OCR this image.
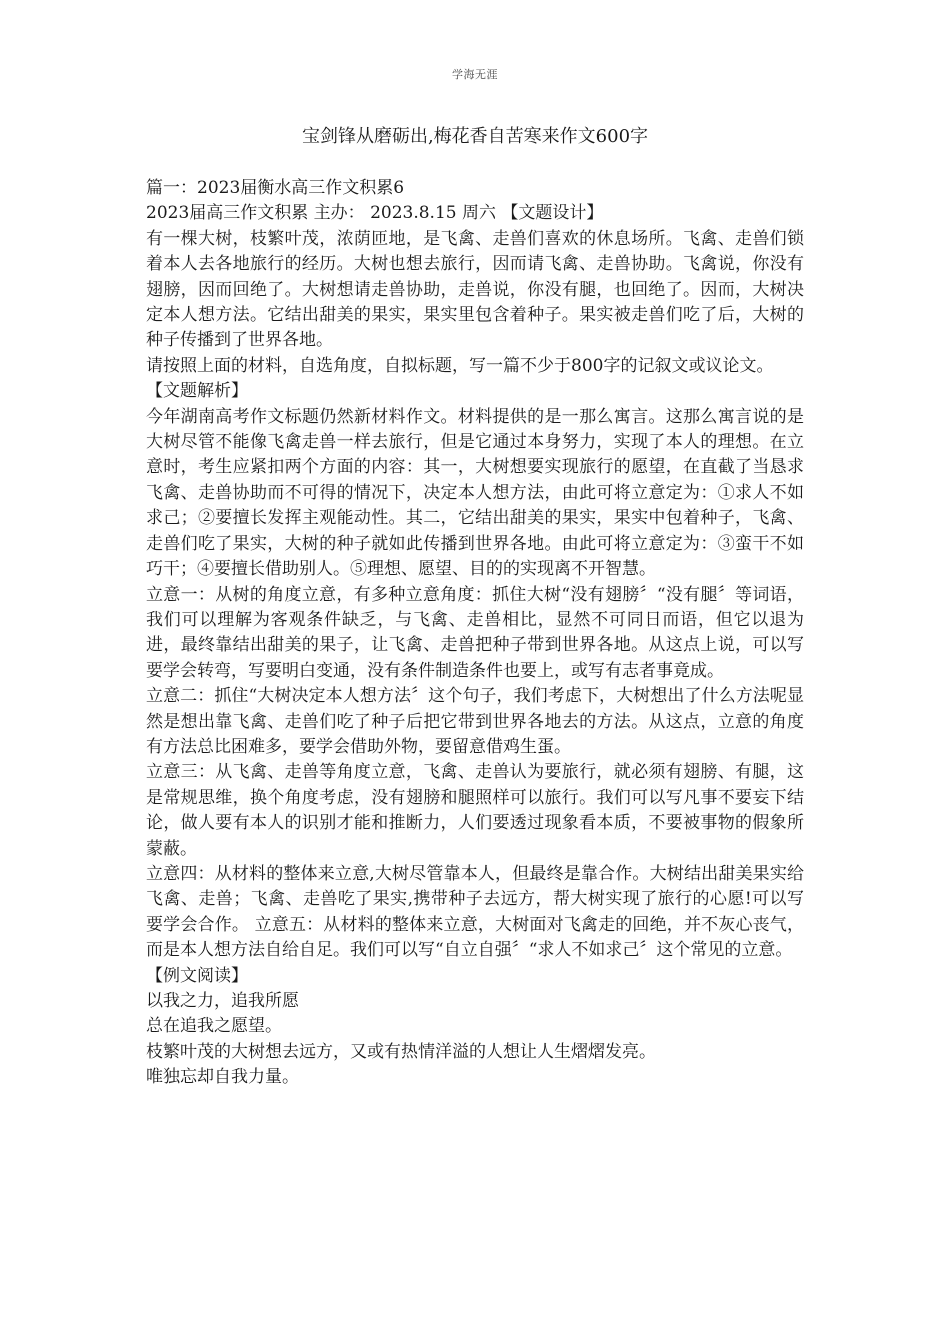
学海无涯
宝剑锋从磨砺出,梅花香自苦寒来作文600字

篇一：2023届衡水高三作文积累6

2023届高三作文积累 主办： 2023.8.15 周六 【文题设计】

有一棵大树，枝繁叶茂，浓荫匝地，是飞禽、走兽们喜欢的休息场所。飞禽、走兽们锁着本人去各地旅行的经历。大树也想去旅行，因而请飞禽、走兽协助。飞禽说，你没有翅膀，因而回绝了。大树想请走兽协助，走兽说，你没有腿，也回绝了。因而，大树决定本人想方法。它结出甜美的果实，果实里包含着种子。果实被走兽们吃了后，大树的种子传播到了世界各地。

请按照上面的材料，自选角度，自拟标题，写一篇不少于800字的记叙文或议论文。

【文题解析】

今年湖南高考作文标题仍然新材料作文。材料提供的是一那么寓言。这那么寓言说的是大树尽管不能像飞禽走兽一样去旅行，但是它通过本身努力，实现了本人的理想。在立意时，考生应紧扣两个方面的内容：其一，大树想要实现旅行的愿望，在直截了当恳求飞禽、走兽协助而不可得的情况下，决定本人想方法，由此可将立意定为：①求人不如求己；②要擅长发挥主观能动性。其二，它结出甜美的果实，果实中包着种子，飞禽、走兽们吃了果实，大树的种子就如此传播到世界各地。由此可将立意定为：③蛮干不如巧干；④要擅长借助别人。⑤理想、愿望、目的的实现离不开智慧。

立意一：从树的角度立意，有多种立意角度：抓住大树“没有翅膀〞“没有腿〞等词语，我们可以理解为客观条件缺乏，与飞禽、走兽相比，显然不可同日而语，但它以退为进，最终靠结出甜美的果子，让飞禽、走兽把种子带到世界各地。从这点上说，可以写要学会转弯，写要明白变通，没有条件制造条件也要上，或写有志者事竟成。

立意二：抓住“大树决定本人想方法〞这个句子，我们考虑下，大树想出了什么方法呢显然是想出靠飞禽、走兽们吃了种子后把它带到世界各地去的方法。从这点，立意的角度有方法总比困难多，要学会借助外物，要留意借鸡生蛋。

立意三：从飞禽、走兽等角度立意，飞禽、走兽认为要旅行，就必须有翅膀、有腿，这是常规思维，换个角度考虑，没有翅膀和腿照样可以旅行。我们可以写凡事不要妄下结论，做人要有本人的识别才能和推断力，人们要透过现象看本质，不要被事物的假象所蒙蔽。

立意四：从材料的整体来立意,大树尽管靠本人，但最终是靠合作。大树结出甜美果实给飞禽、走兽；飞禽、走兽吃了果实,携带种子去远方，帮大树实现了旅行的心愿!可以写要学会合作。 立意五：从材料的整体来立意，大树面对飞禽走的回绝，并不灰心丧气，而是本人想方法自给自足。我们可以写“自立自强〞“求人不如求己〞这个常见的立意。

【例文阅读】

以我之力，追我所愿

总在追我之愿望。

枝繁叶茂的大树想去远方，又或有热情洋溢的人想让人生熠熠发亮。

唯独忘却自我力量。
